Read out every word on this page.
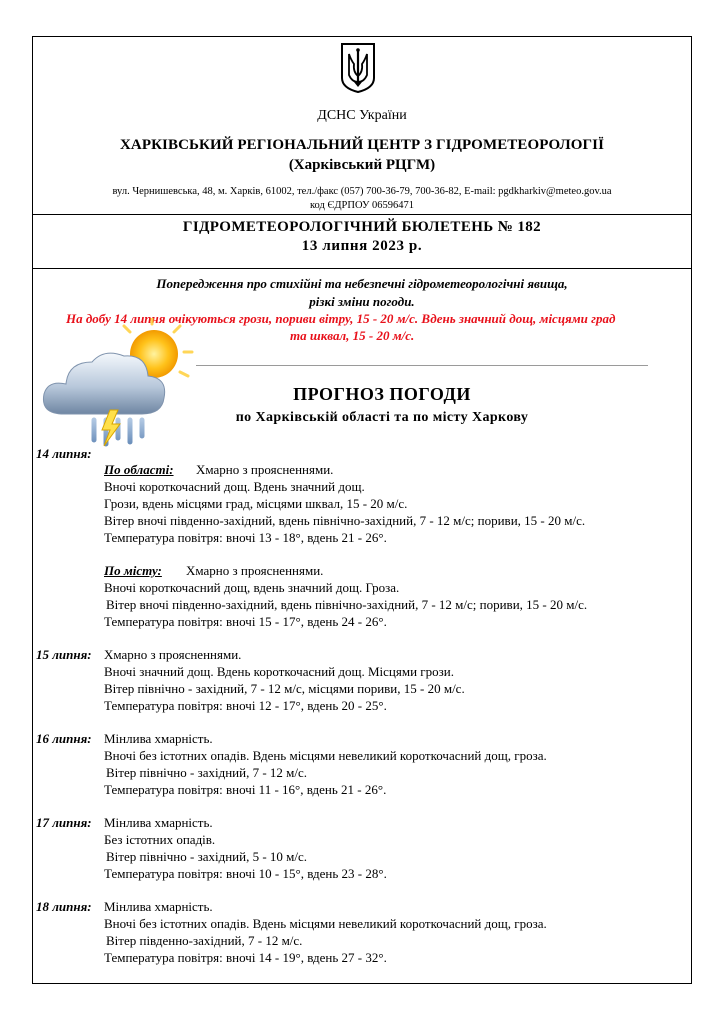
ДСНС України
ХАРКІВСЬКИЙ РЕГІОНАЛЬНИЙ ЦЕНТР З ГІДРОМЕТЕОРОЛОГІЇ
(Харківський РЦГМ)
вул. Чернишевська, 48, м. Харків, 61002, тел./факс (057) 700-36-79, 700-36-82, E-mail: pgdkharkiv@meteo.gov.ua
код ЄДРПОУ 06596471
ГІДРОМЕТЕОРОЛОГІЧНИЙ БЮЛЕТЕНЬ № 182
13 липня 2023 р.
Попередження про стихійні та небезпечні гідрометеорологічні явища,
різкі зміни погоди.
На добу 14 липня очікуються грози, пориви вітру, 15 - 20 м/с. Вдень значний дощ, місцями град
та шквал, 15 - 20 м/с.
ПРОГНОЗ ПОГОДИ
по Харківській області та по місту Харкову
14 липня:
По області: Хмарно з проясненнями.
Вночі короткочасний дощ. Вдень значний дощ.
Грози, вдень місцями град, місцями шквал, 15 - 20 м/с.
Вітер вночі південно-західний, вдень північно-західний, 7 - 12 м/с; пориви, 15 - 20 м/с.
Температура повітря: вночі 13 - 18°, вдень 21 - 26°.
По місту: Хмарно з проясненнями.
Вночі короткочасний дощ, вдень значний дощ. Гроза.
Вітер вночі південно-західний, вдень північно-західний, 7 - 12 м/с; пориви, 15 - 20 м/с.
Температура повітря: вночі 15 - 17°, вдень 24 - 26°.
15 липня: Хмарно з проясненнями.
Вночі значний дощ. Вдень короткочасний дощ. Місцями грози.
Вітер північно - західний, 7 - 12 м/с, місцями пориви, 15 - 20 м/с.
Температура повітря: вночі 12 - 17°, вдень 20 - 25°.
16 липня: Мінлива хмарність.
Вночі без істотних опадів. Вдень місцями невеликий короткочасний дощ, гроза.
Вітер північно - західний, 7 - 12 м/с.
Температура повітря: вночі 11 - 16°, вдень 21 - 26°.
17 липня: Мінлива хмарність.
Без істотних опадів.
Вітер північно - західний, 5 - 10 м/с.
Температура повітря: вночі 10 - 15°, вдень 23 - 28°.
18 липня: Мінлива хмарність.
Вночі без істотних опадів. Вдень місцями невеликий короткочасний дощ, гроза.
Вітер південно-західний, 7 - 12 м/с.
Температура повітря: вночі 14 - 19°, вдень 27 - 32°.
